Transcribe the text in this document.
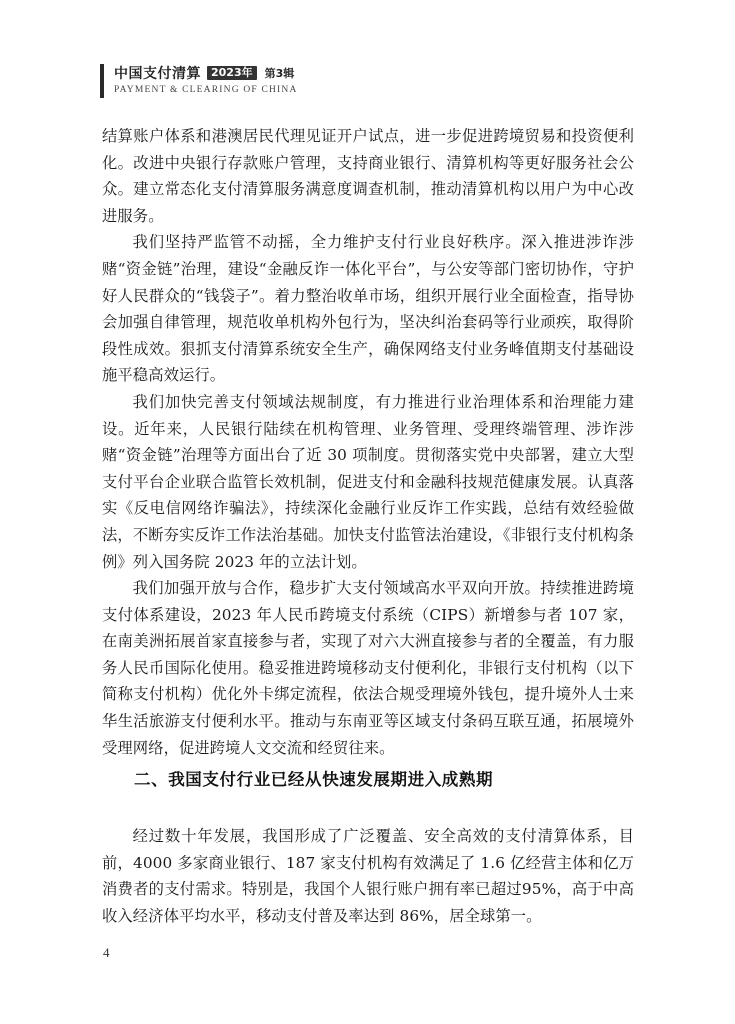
中国支付清算 2023年	第3辑
PAYMENT & CLEARING OF CHINA

结算账户体系和港澳居民代理见证开户试点，进一步促进跨境贸易和投资便利化。改进中央银行存款账户管理，支持商业银行、清算机构等更好服务社会公众。建立常态化支付清算服务满意度调查机制，推动清算机构以用户为中心改进服务。

我们坚持严监管不动摇，全力维护支付行业良好秩序。深入推进涉诈涉赌“资金链”治理，建设“金融反诈一体化平台”，与公安等部门密切协作，守护好人民群众的“钱袋子”。着力整治收单市场，组织开展行业全面检查，指导协会加强自律管理，规范收单机构外包行为，坚决纠治套码等行业顽疾，取得阶段性成效。狠抓支付清算系统安全生产，确保网络支付业务峰值期支付基础设施平稳高效运行。

我们加快完善支付领域法规制度，有力推进行业治理体系和治理能力建设。近年来，人民银行陆续在机构管理、业务管理、受理终端管理、涉诈涉赌“资金链”治理等方面出台了近 30 项制度。贯彻落实党中央部署，建立大型支付平台企业联合监管长效机制，促进支付和金融科技规范健康发展。认真落实《反电信网络诈骗法》，持续深化金融行业反诈工作实践，总结有效经验做法，不断夯实反诈工作法治基础。加快支付监管法治建设，《非银行支付机构条例》列入国务院 2023 年的立法计划。

我们加强开放与合作，稳步扩大支付领域高水平双向开放。持续推进跨境支付体系建设，2023 年人民币跨境支付系统（CIPS）新增参与者 107 家，在南美洲拓展首家直接参与者，实现了对六大洲直接参与者的全覆盖，有力服务人民币国际化使用。稳妥推进跨境移动支付便利化，非银行支付机构（以下简称支付机构）优化外卡绑定流程，依法合规受理境外钱包，提升境外人士来华生活旅游支付便利水平。推动与东南亚等区域支付条码互联互通，拓展境外受理网络，促进跨境人文交流和经贸往来。

二、我国支付行业已经从快速发展期进入成熟期

经过数十年发展，我国形成了广泛覆盖、安全高效的支付清算体系，目前，4000 多家商业银行、187 家支付机构有效满足了 1.6 亿经营主体和亿万消费者的支付需求。特别是，我国个人银行账户拥有率已超过95%，高于中高收入经济体平均水平，移动支付普及率达到 86%，居全球第一。

4
